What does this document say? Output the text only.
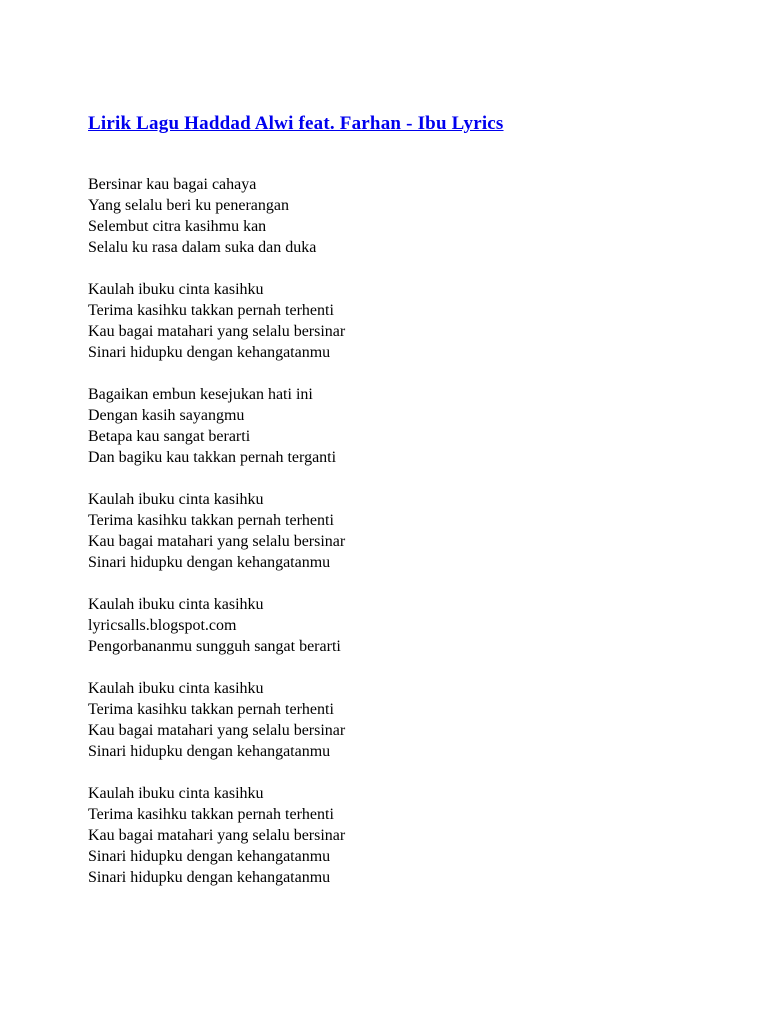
Lirik Lagu Haddad Alwi feat. Farhan - Ibu Lyrics

Bersinar kau bagai cahaya
Yang selalu beri ku penerangan
Selembut citra kasihmu kan
Selalu ku rasa dalam suka dan duka

Kaulah ibuku cinta kasihku
Terima kasihku takkan pernah terhenti
Kau bagai matahari yang selalu bersinar
Sinari hidupku dengan kehangatanmu

Bagaikan embun kesejukan hati ini
Dengan kasih sayangmu
Betapa kau sangat berarti
Dan bagiku kau takkan pernah terganti

Kaulah ibuku cinta kasihku
Terima kasihku takkan pernah terhenti
Kau bagai matahari yang selalu bersinar
Sinari hidupku dengan kehangatanmu

Kaulah ibuku cinta kasihku
lyricsalls.blogspot.com
Pengorbananmu sungguh sangat berarti

Kaulah ibuku cinta kasihku
Terima kasihku takkan pernah terhenti
Kau bagai matahari yang selalu bersinar
Sinari hidupku dengan kehangatanmu

Kaulah ibuku cinta kasihku
Terima kasihku takkan pernah terhenti
Kau bagai matahari yang selalu bersinar
Sinari hidupku dengan kehangatanmu
Sinari hidupku dengan kehangatanmu
